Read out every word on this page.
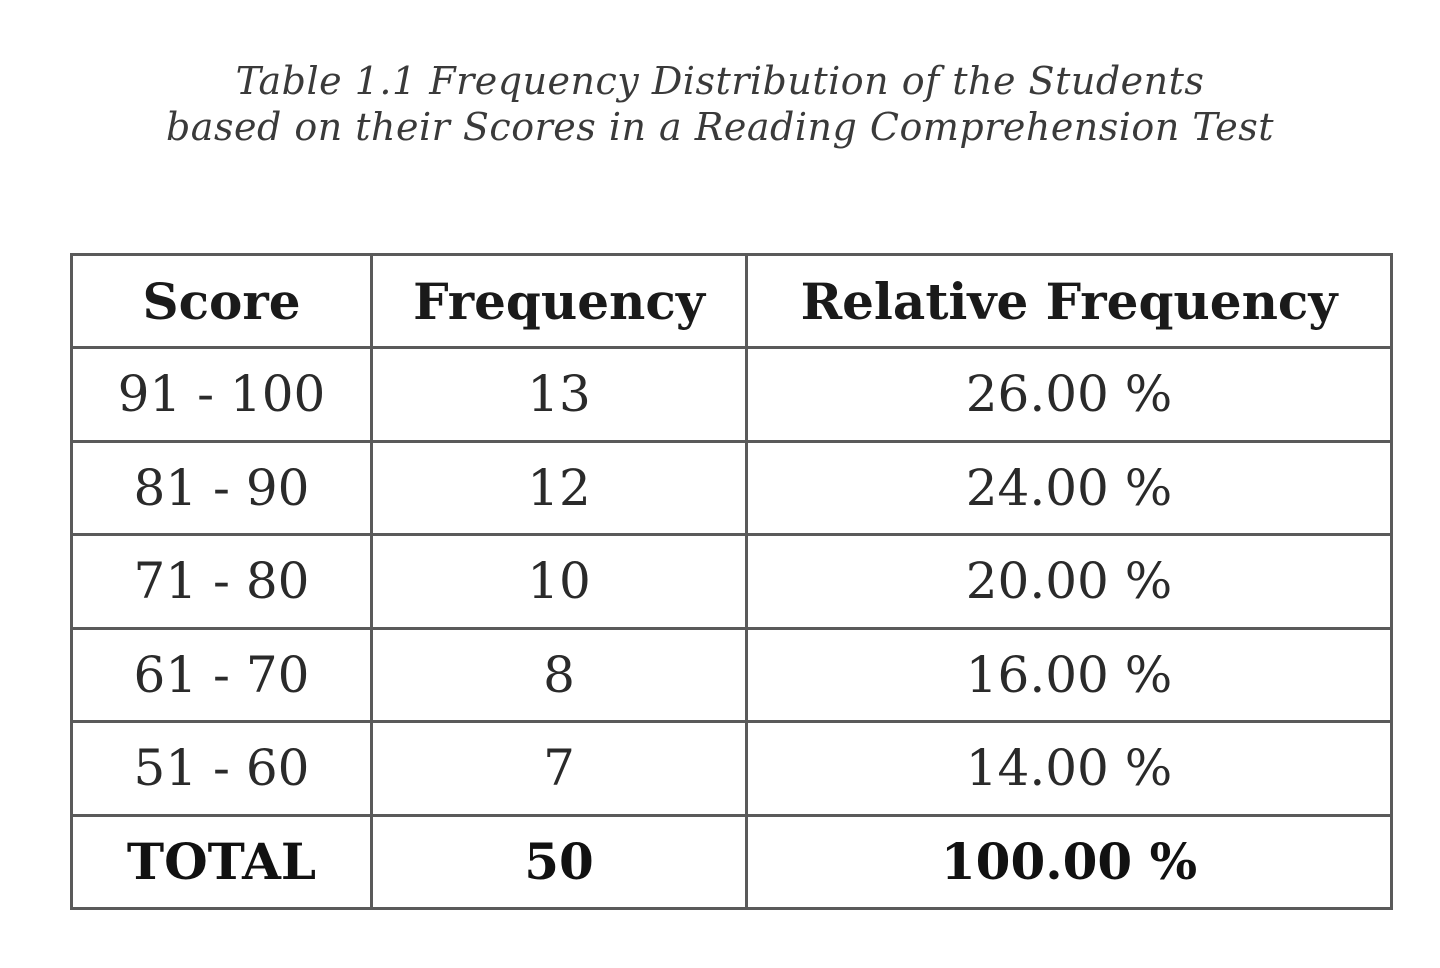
Table 1.1 Frequency Distribution of the Students
based on their Scores in a Reading Comprehension Test
Score	Frequency	Relative Frequency
91 - 100	13	26.00 %
81 - 90	12	24.00 %
71 - 80	10	20.00 %
61 - 70	8	16.00 %
51 - 60	7	14.00 %
TOTAL	50	100.00 %
